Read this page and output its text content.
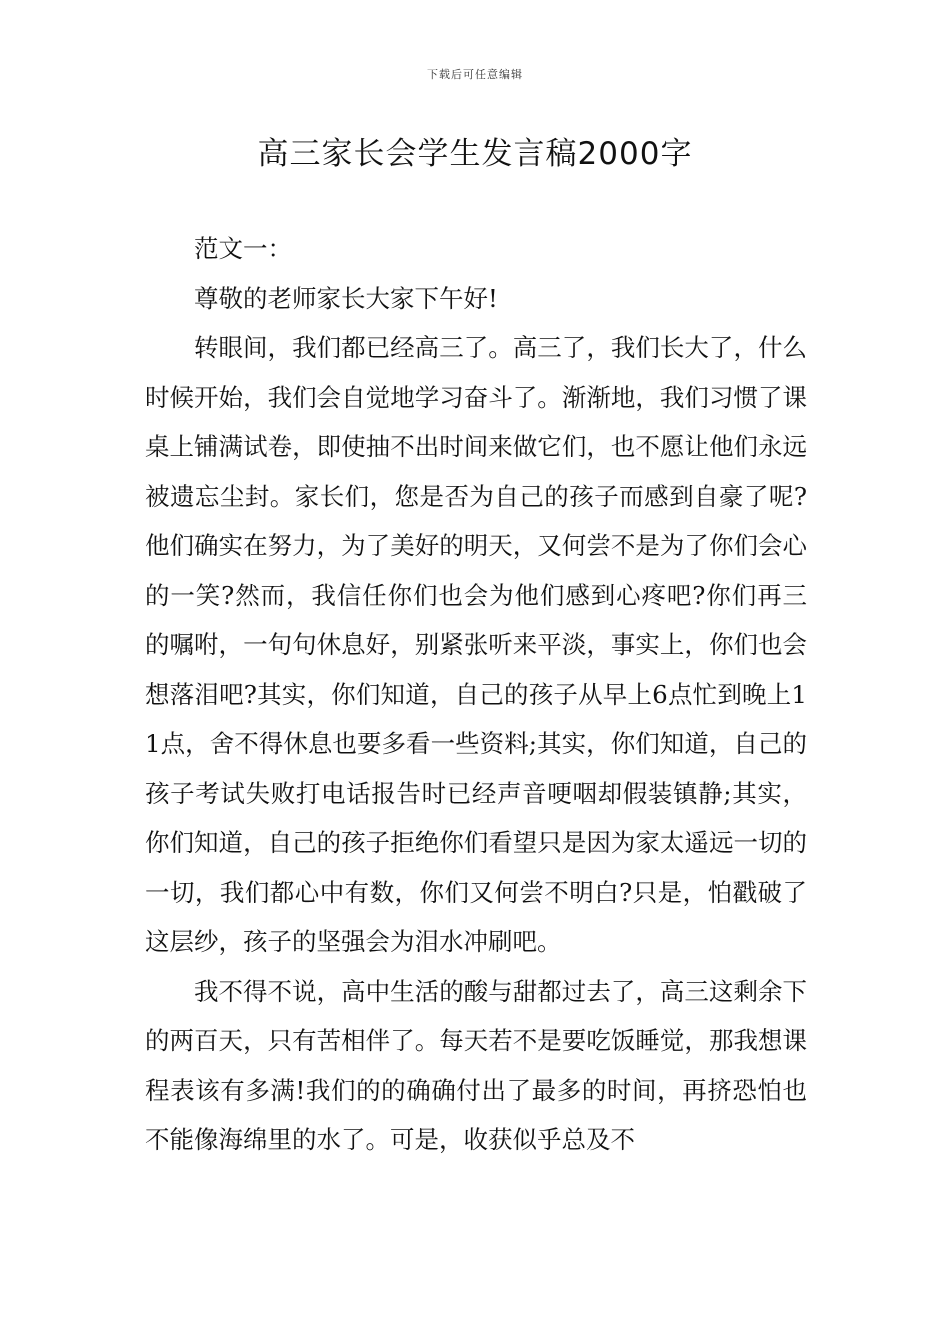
下载后可任意编辑
高三家长会学生发言稿2000字

范文一：

尊敬的老师家长大家下午好!

转眼间，我们都已经高三了。高三了，我们长大了，什么时候开始，我们会自觉地学习奋斗了。渐渐地，我们习惯了课桌上铺满试卷，即使抽不出时间来做它们，也不愿让他们永远被遗忘尘封。家长们，您是否为自己的孩子而感到自豪了呢?他们确实在努力，为了美好的明天，又何尝不是为了你们会心的一笑?然而，我信任你们也会为他们感到心疼吧?你们再三的嘱咐，一句句休息好，别紧张听来平淡，事实上，你们也会想落泪吧?其实，你们知道，自己的孩子从早上6点忙到晚上11点，舍不得休息也要多看一些资料;其实，你们知道，自己的孩子考试失败打电话报告时已经声音哽咽却假装镇静;其实，你们知道，自己的孩子拒绝你们看望只是因为家太遥远一切的一切，我们都心中有数，你们又何尝不明白?只是，怕戳破了这层纱，孩子的坚强会为泪水冲刷吧。

我不得不说，高中生活的酸与甜都过去了，高三这剩余下的两百天，只有苦相伴了。每天若不是要吃饭睡觉，那我想课程表该有多满!我们的的确确付出了最多的时间，再挤恐怕也不能像海绵里的水了。可是，收获似乎总及不
